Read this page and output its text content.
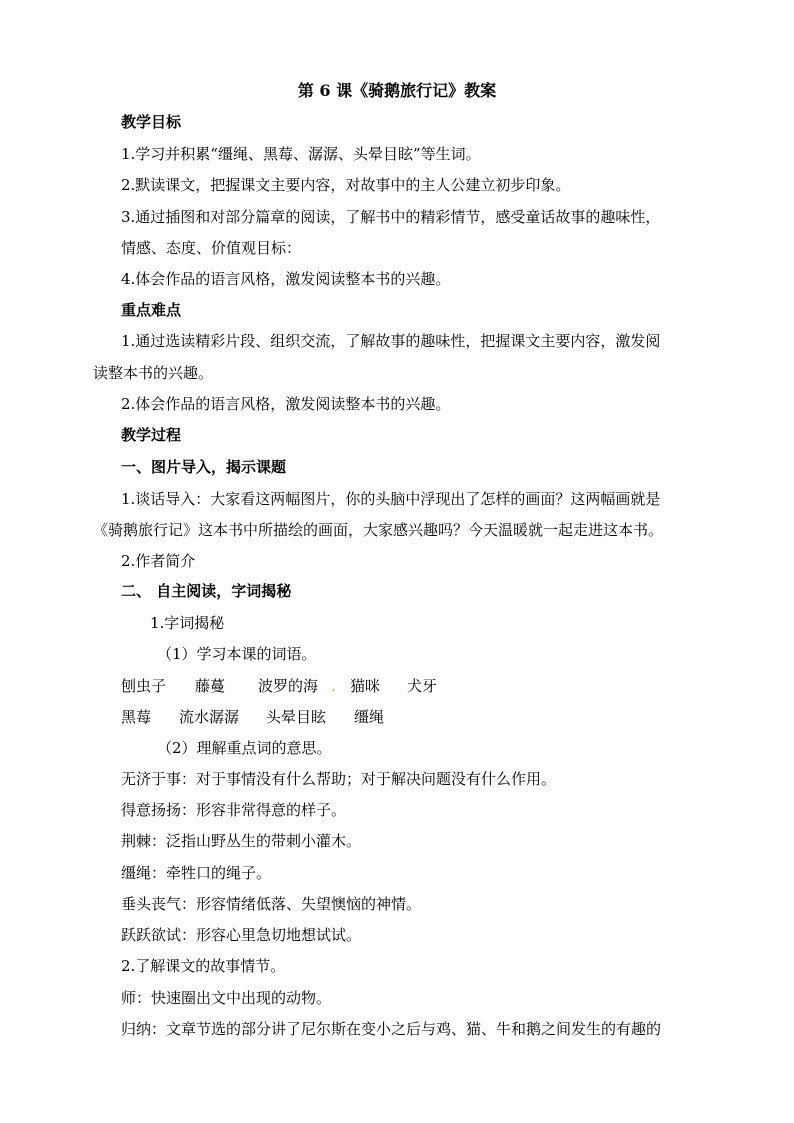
第 6 课《骑鹅旅行记》教案
教学目标
1.学习并积累“缰绳、黑莓、潺潺、头晕目眩”等生词。
2.默读课文，把握课文主要内容，对故事中的主人公建立初步印象。
3.通过插图和对部分篇章的阅读，了解书中的精彩情节，感受童话故事的趣味性，
情感、态度、价值观目标：
4.体会作品的语言风格，激发阅读整本书的兴趣。
重点难点
1.通过选读精彩片段、组织交流，了解故事的趣味性，把握课文主要内容，激发阅
读整本书的兴趣。
2.体会作品的语言风格，激发阅读整本书的兴趣。
教学过程
一、图片导入，揭示课题
1.谈话导入：大家看这两幅图片，你的头脑中浮现出了怎样的画面？这两幅画就是
《骑鹅旅行记》这本书中所描绘的画面，大家感兴趣吗？今天温暖就一起走进这本书。
2.作者简介
二、 自主阅读，字词揭秘
1.字词揭秘
（1）学习本课的词语。
刨虫子 藤蔓 波罗的海 . 猫咪 犬牙
黑莓 流水潺潺 头晕目眩 缰绳
（2）理解重点词的意思。
无济于事：对于事情没有什么帮助；对于解决问题没有什么作用。
得意扬扬：形容非常得意的样子。
荆棘：泛指山野丛生的带刺小灌木。
缰绳：牵牲口的绳子。
垂头丧气：形容情绪低落、失望懊恼的神情。
跃跃欲试：形容心里急切地想试试。
2.了解课文的故事情节。
师：快速圈出文中出现的动物。
归纳：文章节选的部分讲了尼尔斯在变小之后与鸡、猫、牛和鹅之间发生的有趣的
